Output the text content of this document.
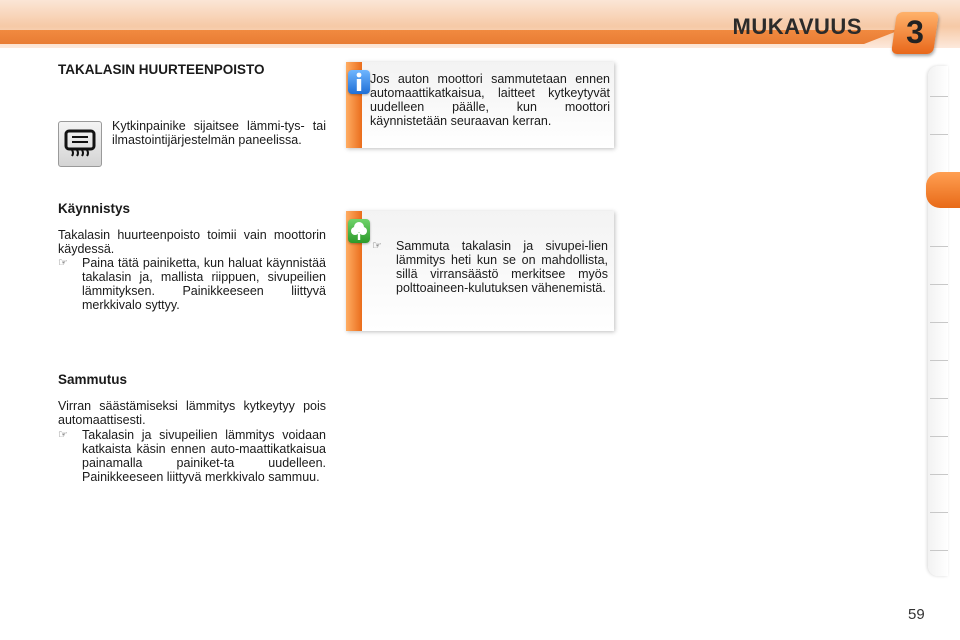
MUKAVUUS	3
TAKALASIN HUURTEENPOISTO

Kytkinpainike sijaitsee lämmi-tys- tai ilmastointijärjestelmän paneelissa.

Käynnistys

Takalasin huurteenpoisto toimii vain moottorin käydessä.

☞	Paina tätä painiketta, kun haluat käynnistää takalasin ja, mallista riippuen, sivupeilien lämmityksen. Painikkeeseen liittyvä merkkivalo syttyy.
Sammutus

Virran säästämiseksi lämmitys kytkeytyy pois automaattisesti.

☞	Takalasin ja sivupeilien lämmitys voidaan katkaista käsin ennen auto-maattikatkaisua painamalla painiket-ta uudelleen. Painikkeeseen liittyvä merkkivalo sammuu.
Jos auton moottori sammutetaan ennen automaattikatkaisua, laitteet kytkeytyvät uudelleen päälle, kun moottori käynnistetään seuraavan kerran.
☞	Sammuta takalasin ja sivupei-lien lämmitys heti kun se on mahdollista, sillä virransäästö merkitsee myös polttoaineen-kulutuksen vähenemistä.
59
